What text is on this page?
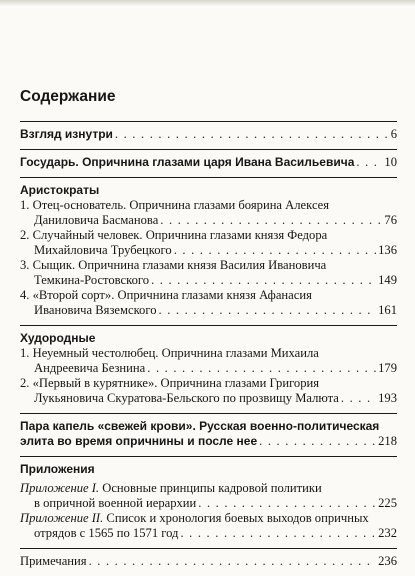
Содержание
Взгляд изнутри . . .	6
Государь. Опричнина глазами царя Ивана Васильевича . . . 10
Аристократы
1. Отец-основатель. Опричнина глазами боярина Алексея
Даниловича Басманова . . .	76
2. Случайный человек. Опричнина глазами князя Федора
Михайловича Трубецкого . . .	136
3. Сыщик. Опричнина глазами князя Василия Ивановича
Темкина-Ростовского . . .	149
4. «Второй сорт». Опричнина глазами князя Афанасия
Ивановича Вяземского . . .	161
Худородные
1. Неуемный честолюбец. Опричнина глазами Михаила
Андреевича Безнина . . .	179
2. «Первый в курятнике». Опричнина глазами Григория
Лукьяновича Скуратова-Бельского по прозвищу Малюта . . .	193
Пара капель «свежей крови». Русская военно-политическая
элита во время опричнины и после нее . . .	218
Приложения
Приложение I. Основные принципы кадровой политики
в опричной военной иерархии . . .	225
Приложение II. Список и хронология боевых выходов опричных
отрядов с 1565 по 1571 год . . .	232
Примечания . . .	236
